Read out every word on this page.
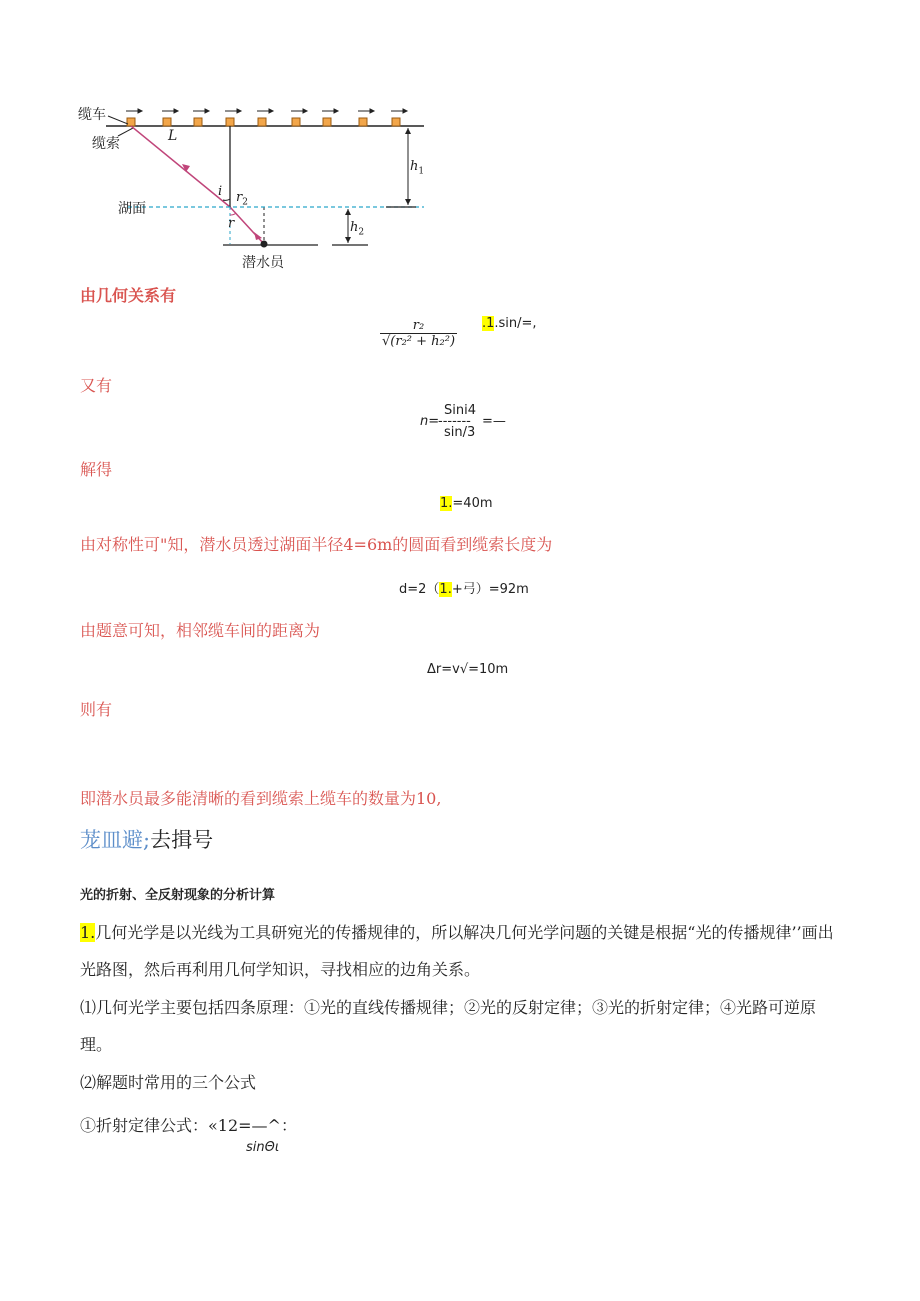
缆车
缆索	L
$h_1$
湖面
i $r_2$
r	$h_2$
潜水员
由几何关系有
$\frac{\text{r₂}}{\text{√(r₂² + h₂²)}} .1.\sin/=$,
又有
Sini4
n=
------- =—
sin/3
解得
1.=40m
由对称性可"知，潜水员透过湖面半径4=6m的圆面看到缆索长度为
d=2（1.+弓）=92m
由题意可知，相邻缆车间的距离为
Δr=v√=10m
则有
即潜水员最多能清晰的看到缆索上缆车的数量为10,
茏皿避;去揖号
光的折射、全反射现象的分析计算
1.几何光学是以光线为工具研宛光的传播规律的，所以解决几何光学问题的关键是根据“光的传播规律’’画出
光路图，然后再利用几何学知识，寻找相应的边角关系。
⑴几何光学主要包括四条原理：①光的直线传播规律；②光的反射定律；③光的折射定律；④光路可逆原
理。
⑵解题时常用的三个公式
①折射定律公式：«12=—^：
sinΘι
